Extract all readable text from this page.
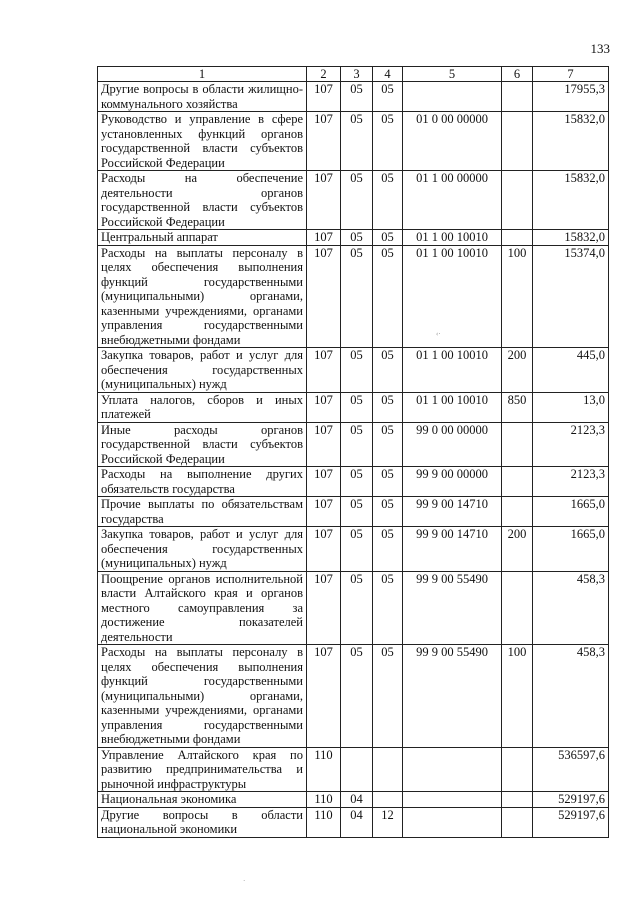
133
1	2	3	4	5	6	7
Другие вопросы в области жилищно-коммунального хозяйства	107	05	05			17955,3
Руководство и управление в сфере установленных функций органов государственной власти субъектов Российской Федерации	107	05	05	01 0 00 00000		15832,0
Расходы на обеспечение деятельности органов государственной власти субъектов Российской Федерации	107	05	05	01 1 00 00000		15832,0
Центральный аппарат	107	05	05	01 1 00 10010		15832,0
Расходы на выплаты персоналу в целях обеспечения выполнения функций государственными (муниципальными) органами, казенными учреждениями, органами управления государственными внебюджетными фондами	107	05	05	01 1 00 10010	100	15374,0
Закупка товаров, работ и услуг для обеспечения государственных (муниципальных) нужд	107	05	05	01 1 00 10010	200	445,0
Уплата налогов, сборов и иных платежей	107	05	05	01 1 00 10010	850	13,0
Иные расходы органов государственной власти субъектов Российской Федерации	107	05	05	99 0 00 00000		2123,3
Расходы на выполнение других обязательств государства	107	05	05	99 9 00 00000		2123,3
Прочие выплаты по обязательствам государства	107	05	05	99 9 00 14710		1665,0
Закупка товаров, работ и услуг для обеспечения государственных (муниципальных) нужд	107	05	05	99 9 00 14710	200	1665,0
Поощрение органов исполнительной власти Алтайского края и органов местного самоуправления за достижение показателей деятельности	107	05	05	99 9 00 55490		458,3
Расходы на выплаты персоналу в целях обеспечения выполнения функций государственными (муниципальными) органами, казенными учреждениями, органами управления государственными внебюджетными фондами	107	05	05	99 9 00 55490	100	458,3
Управление Алтайского края по развитию предпринимательства и рыночной инфраструктуры	110					536597,6
Национальная экономика	110	04				529197,6
Другие вопросы в области национальной экономики	110	04	12			529197,6
‹·
·
